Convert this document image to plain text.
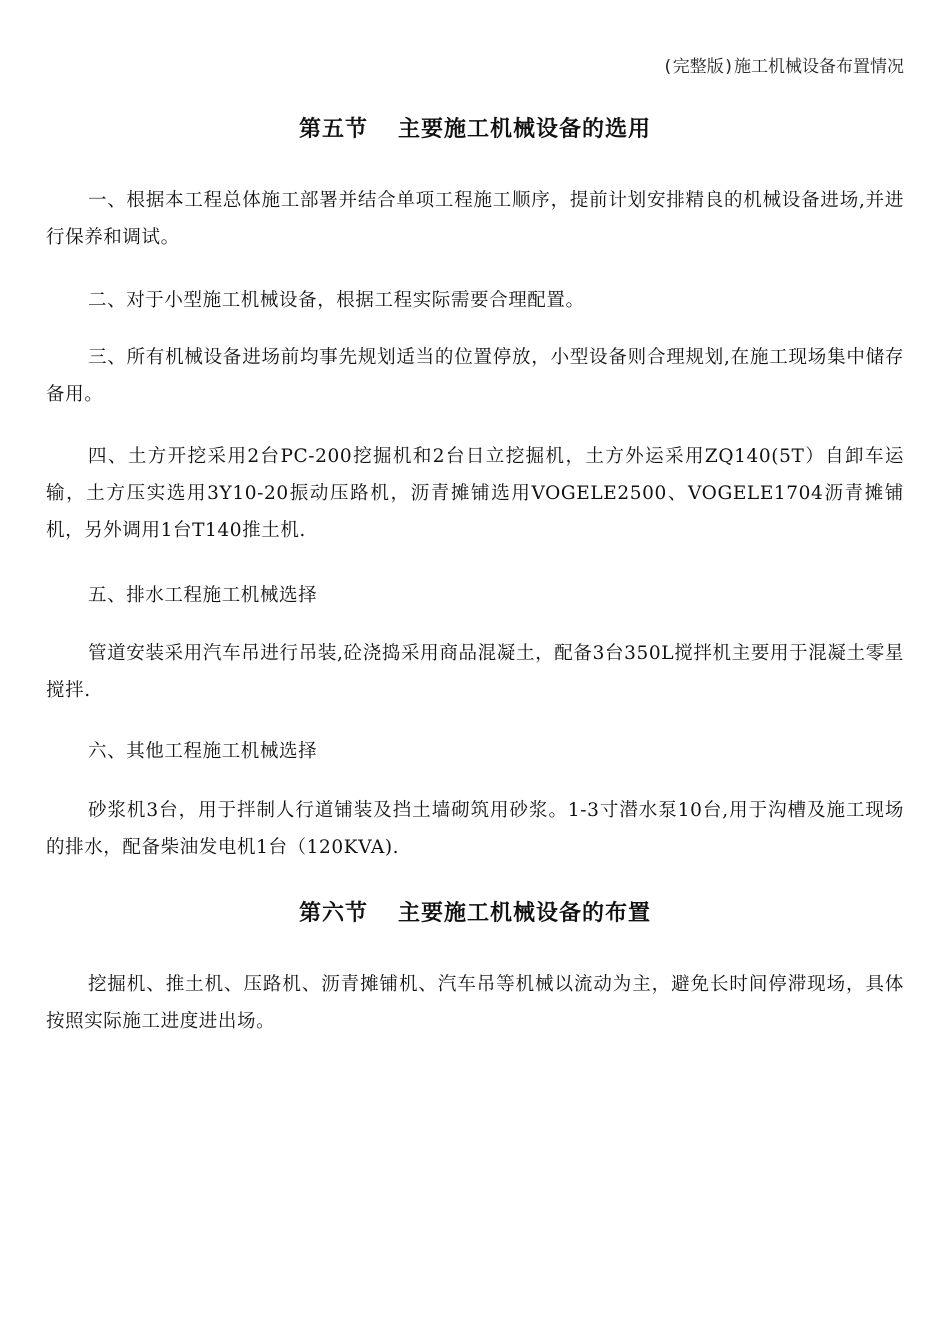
(完整版)施工机械设备布置情况
第五节 主要施工机械设备的选用

一、根据本工程总体施工部署并结合单项工程施工顺序，提前计划安排精良的机械设备进场,并进行保养和调试。

二、对于小型施工机械设备，根据工程实际需要合理配置。

三、所有机械设备进场前均事先规划适当的位置停放，小型设备则合理规划,在施工现场集中储存备用。

四、土方开挖采用2台PC-200挖掘机和2台日立挖掘机，土方外运采用ZQ140(5T）自卸车运输，土方压实选用3Y10-20振动压路机，沥青摊铺选用VOGELE2500、VOGELE1704沥青摊铺机，另外调用1台T140推土机.

五、排水工程施工机械选择

管道安装采用汽车吊进行吊装,砼浇捣采用商品混凝土，配备3台350L搅拌机主要用于混凝土零星搅拌.

六、其他工程施工机械选择

砂浆机3台，用于拌制人行道铺装及挡土墙砌筑用砂浆。1-3寸潜水泵10台,用于沟槽及施工现场的排水，配备柴油发电机1台（120KVA).

第六节 主要施工机械设备的布置

挖掘机、推土机、压路机、沥青摊铺机、汽车吊等机械以流动为主，避免长时间停滞现场，具体按照实际施工进度进出场。
